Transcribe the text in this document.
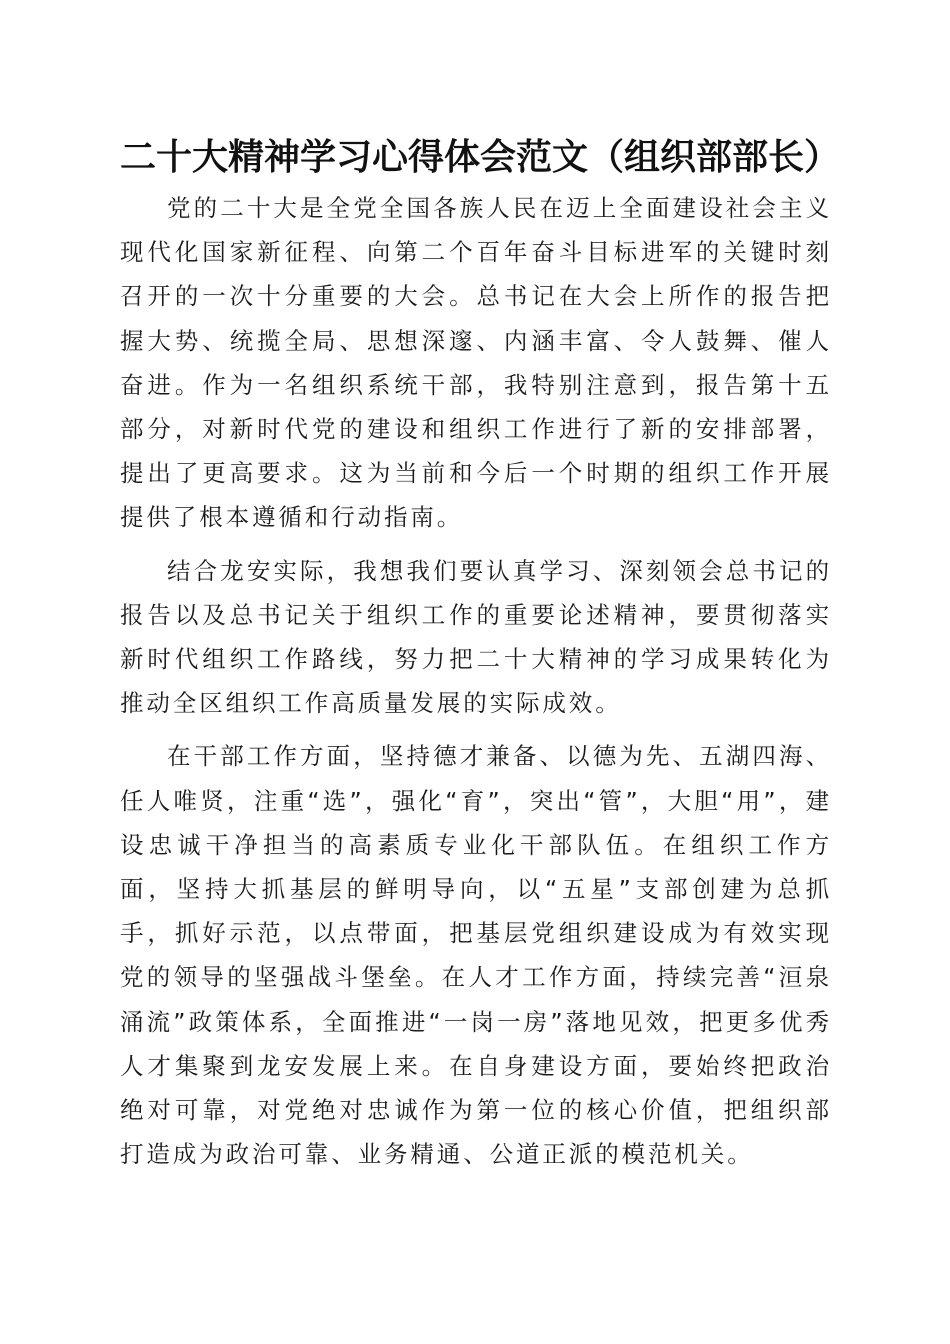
二十大精神学习心得体会范文（组织部部长）

党的二十大是全党全国各族人民在迈上全面建设社会主义现代化国家新征程、向第二个百年奋斗目标进军的关键时刻召开的一次十分重要的大会。总书记在大会上所作的报告把握大势、统揽全局、思想深邃、内涵丰富、令人鼓舞、催人奋进。作为一名组织系统干部，我特别注意到，报告第十五部分，对新时代党的建设和组织工作进行了新的安排部署，提出了更高要求。这为当前和今后一个时期的组织工作开展提供了根本遵循和行动指南。

结合龙安实际，我想我们要认真学习、深刻领会总书记的报告以及总书记关于组织工作的重要论述精神，要贯彻落实新时代组织工作路线，努力把二十大精神的学习成果转化为推动全区组织工作高质量发展的实际成效。

在干部工作方面，坚持德才兼备、以德为先、五湖四海、任人唯贤，注重“选”，强化“育”，突出“管”，大胆“用”，建设忠诚干净担当的高素质专业化干部队伍。在组织工作方面，坚持大抓基层的鲜明导向，以“五星”支部创建为总抓手，抓好示范，以点带面，把基层党组织建设成为有效实现党的领导的坚强战斗堡垒。在人才工作方面，持续完善“洹泉涌流”政策体系，全面推进“一岗一房”落地见效，把更多优秀人才集聚到龙安发展上来。在自身建设方面，要始终把政治绝对可靠，对党绝对忠诚作为第一位的核心价值，把组织部打造成为政治可靠、业务精通、公道正派的模范机关。
